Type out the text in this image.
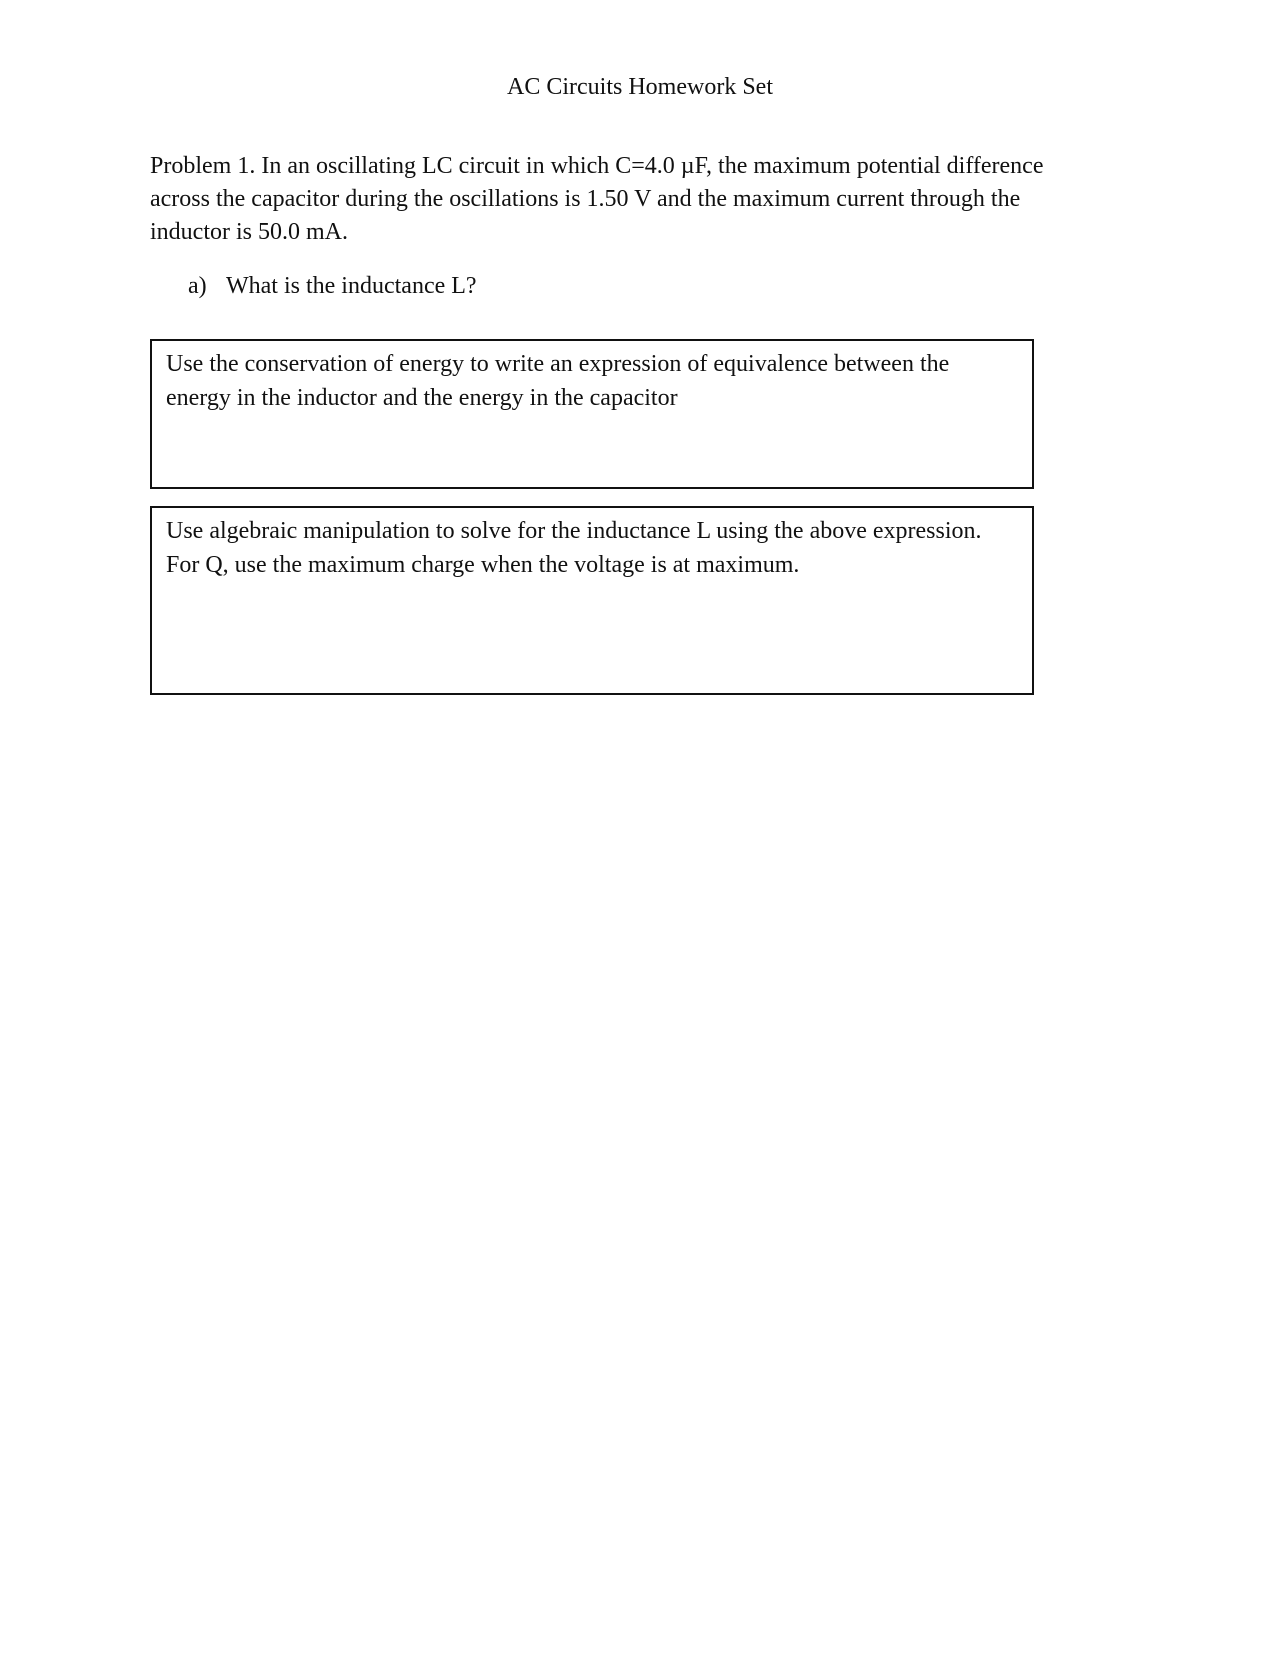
AC Circuits Homework Set
Problem 1. In an oscillating LC circuit in which C=4.0 µF, the maximum potential difference across the capacitor during the oscillations is 1.50 V and the maximum current through the inductor is 50.0 mA.
a) What is the inductance L?
Use the conservation of energy to write an expression of equivalence between the energy in the inductor and the energy in the capacitor
Use algebraic manipulation to solve for the inductance L using the above expression. For Q, use the maximum charge when the voltage is at maximum.
